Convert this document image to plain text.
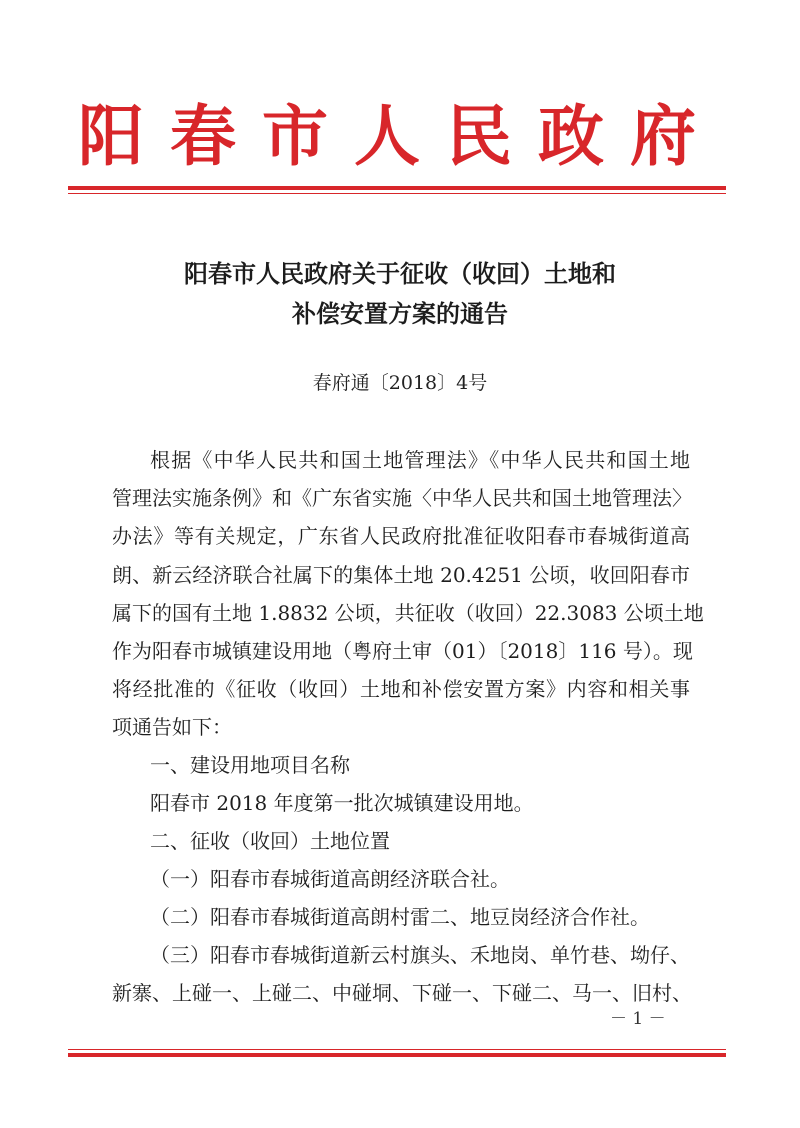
阳春市人民政府
阳春市人民政府关于征收（收回）土地和
补偿安置方案的通告
春府通〔2018〕4号
根据《中华人民共和国土地管理法》《中华人民共和国土地
管理法实施条例》和《广东省实施〈中华人民共和国土地管理法〉
办法》等有关规定，广东省人民政府批准征收阳春市春城街道高
朗、新云经济联合社属下的集体土地 20.4251 公顷，收回阳春市
属下的国有土地 1.8832 公顷，共征收（收回）22.3083 公顷土地
作为阳春市城镇建设用地（粤府土审（01）〔2018〕116 号）。现
将经批准的《征收（收回）土地和补偿安置方案》内容和相关事
项通告如下：
一、建设用地项目名称
阳春市 2018 年度第一批次城镇建设用地。
二、征收（收回）土地位置
（一）阳春市春城街道高朗经济联合社。
（二）阳春市春城街道高朗村雷二、地豆岗经济合作社。
（三）阳春市春城街道新云村旗头、禾地岗、单竹巷、坳仔、
新寨、上碰一、上碰二、中碰垌、下碰一、下碰二、马一、旧村、
－ 1 －
